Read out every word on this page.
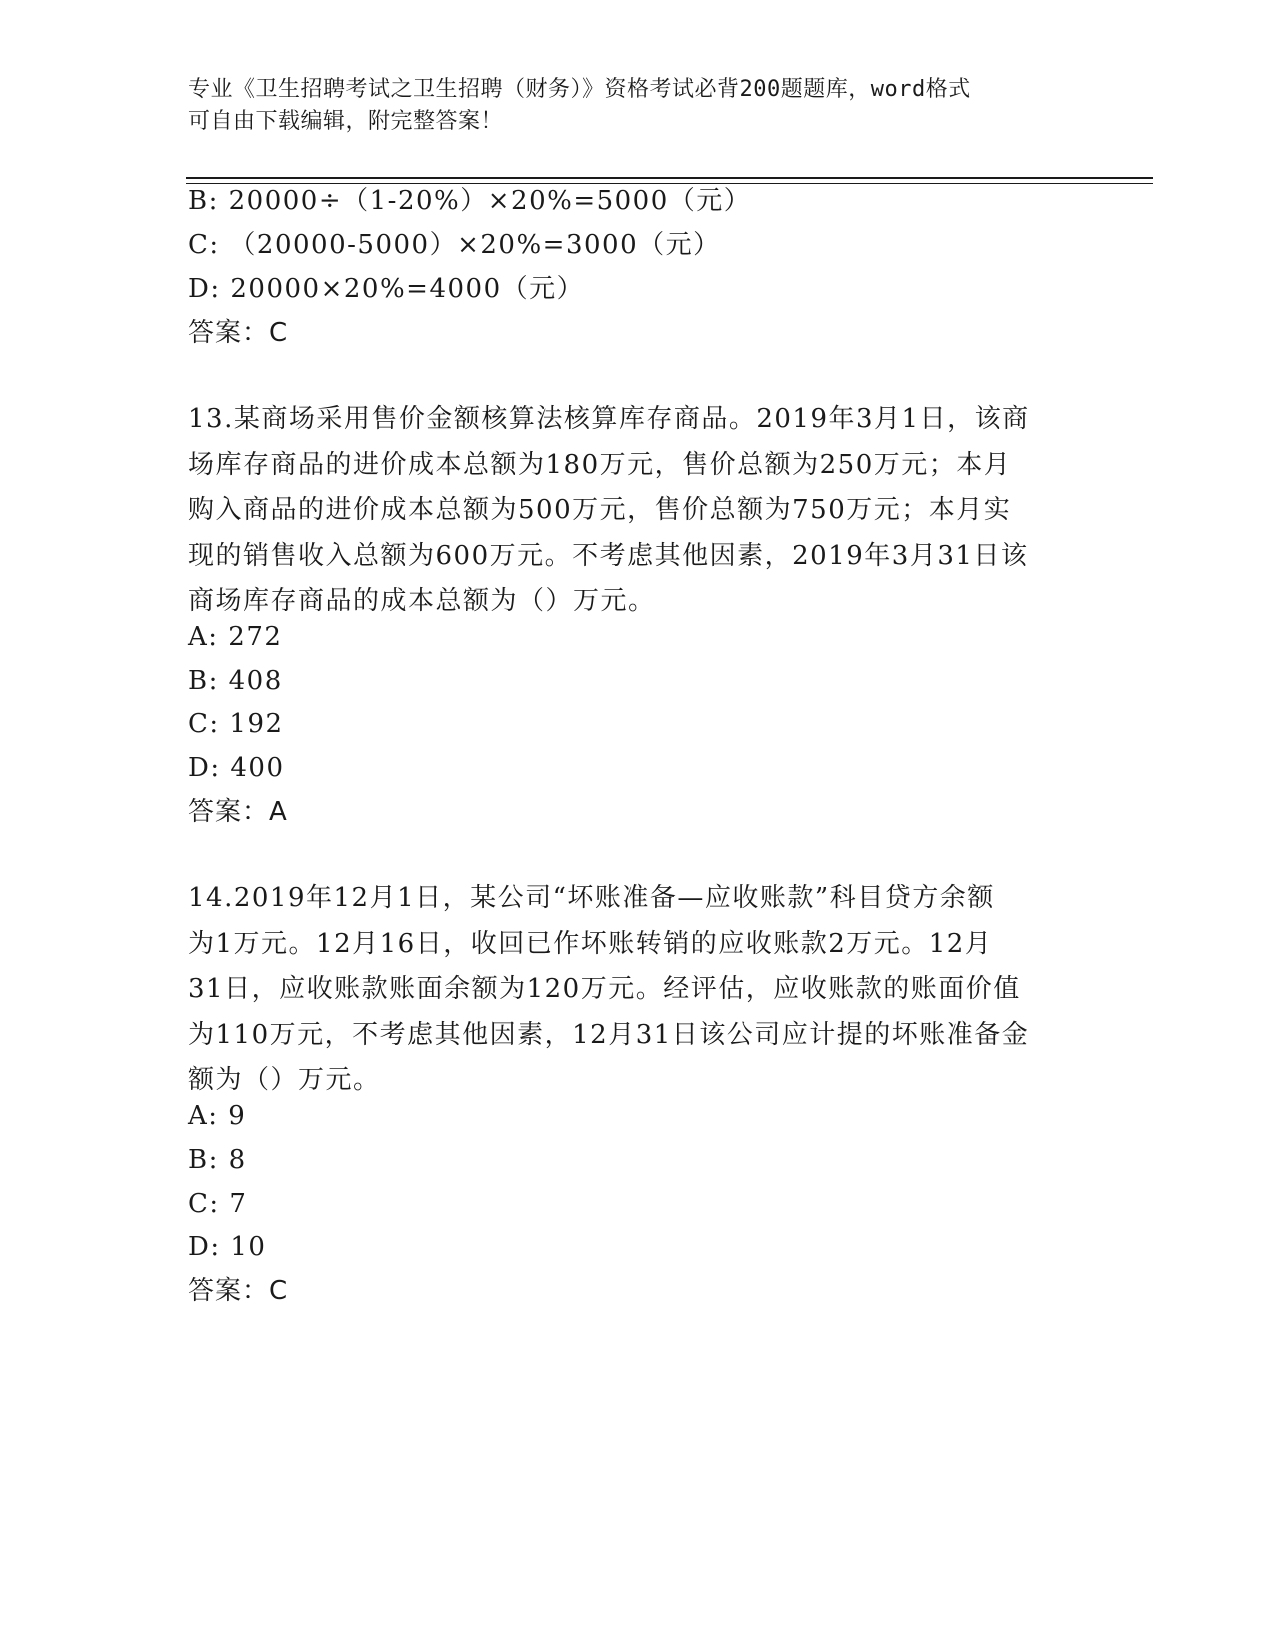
专业《卫生招聘考试之卫生招聘（财务）》资格考试必背200题题库，word格式
可自由下载编辑，附完整答案！
B: 20000÷（1-20%）×20%=5000（元）
C: （20000-5000）×20%=3000（元）
D: 20000×20%=4000（元）
答案：C
13.某商场采用售价金额核算法核算库存商品。2019年3月1日，该商
场库存商品的进价成本总额为180万元，售价总额为250万元；本月
购入商品的进价成本总额为500万元，售价总额为750万元；本月实
现的销售收入总额为600万元。不考虑其他因素，2019年3月31日该
商场库存商品的成本总额为（）万元。
A: 272
B: 408
C: 192
D: 400
答案：A
14.2019年12月1日，某公司“坏账准备—应收账款”科目贷方余额
为1万元。12月16日，收回已作坏账转销的应收账款2万元。12月
31日，应收账款账面余额为120万元。经评估，应收账款的账面价值
为110万元，不考虑其他因素，12月31日该公司应计提的坏账准备金
额为（）万元。
A: 9
B: 8
C: 7
D: 10
答案：C
